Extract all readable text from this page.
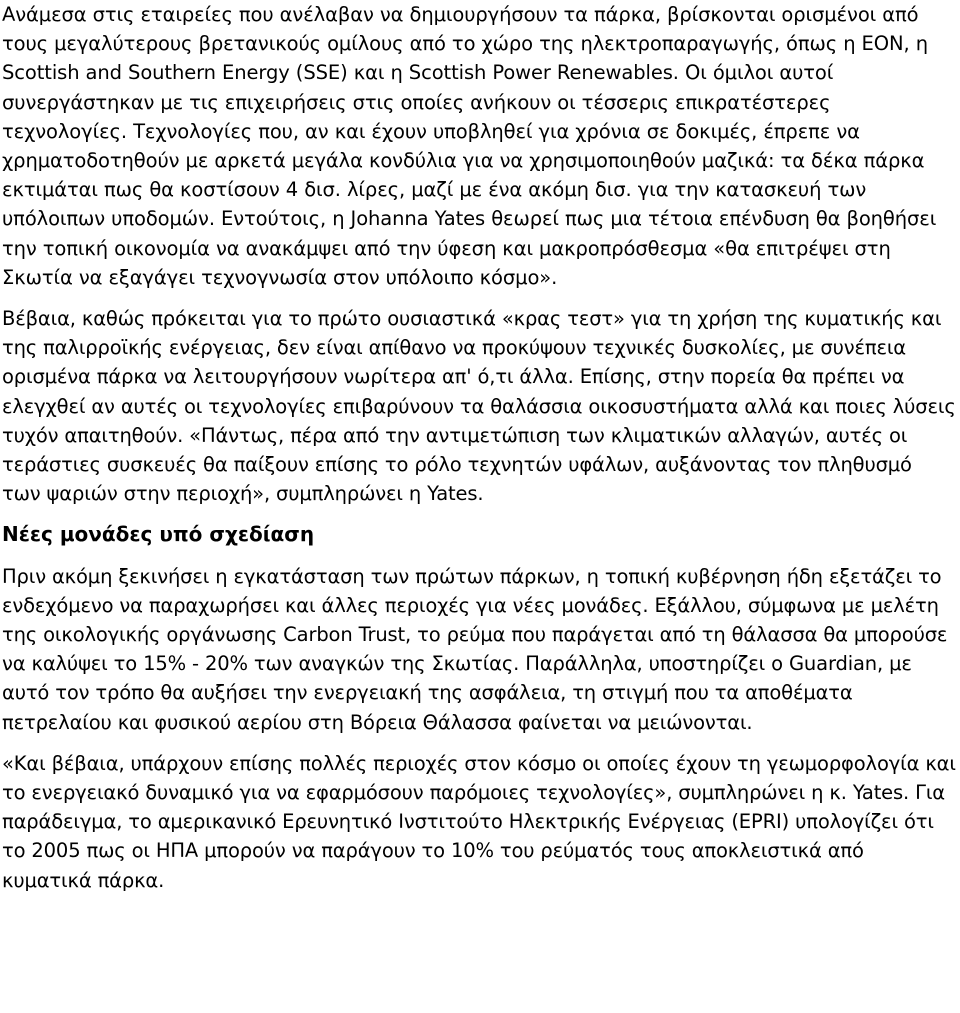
Ανάμεσα στις εταιρείες που ανέλαβαν να δημιουργήσουν τα πάρκα, βρίσκονται ορισμένοι από τους μεγαλύτερους βρετανικούς ομίλους από το χώρο της ηλεκτροπαραγωγής, όπως η EON, η Scottish and Southern Energy (SSE) και η Scottish Power Renewables. Οι όμιλοι αυτοί συνεργάστηκαν με τις επιχειρήσεις στις οποίες ανήκουν οι τέσσερις επικρατέστερες τεχνολογίες. Τεχνολογίες που, αν και έχουν υποβληθεί για χρόνια σε δοκιμές, έπρεπε να χρηματοδοτηθούν με αρκετά μεγάλα κονδύλια για να χρησιμοποιηθούν μαζικά: τα δέκα πάρκα εκτιμάται πως θα κοστίσουν 4 δισ. λίρες, μαζί με ένα ακόμη δισ. για την κατασκευή των υπόλοιπων υποδομών. Εντούτοις, η Johanna Yates θεωρεί πως μια τέτοια επένδυση θα βοηθήσει την τοπική οικονομία να ανακάμψει από την ύφεση και μακροπρόσθεσμα «θα επιτρέψει στη Σκωτία να εξαγάγει τεχνογνωσία στον υπόλοιπο κόσμο».

Βέβαια, καθώς πρόκειται για το πρώτο ουσιαστικά «κρας τεστ» για τη χρήση της κυματικής και της παλιρροϊκής ενέργειας, δεν είναι απίθανο να προκύψουν τεχνικές δυσκολίες, με συνέπεια ορισμένα πάρκα να λειτουργήσουν νωρίτερα απ' ό,τι άλλα. Επίσης, στην πορεία θα πρέπει να ελεγχθεί αν αυτές οι τεχνολογίες επιβαρύνουν τα θαλάσσια οικοσυστήματα αλλά και ποιες λύσεις τυχόν απαιτηθούν. «Πάντως, πέρα από την αντιμετώπιση των κλιματικών αλλαγών, αυτές οι τεράστιες συσκευές θα παίξουν επίσης το ρόλο τεχνητών υφάλων, αυξάνοντας τον πληθυσμό των ψαριών στην περιοχή», συμπληρώνει η Yates.

Νέες μονάδες υπό σχεδίαση

Πριν ακόμη ξεκινήσει η εγκατάσταση των πρώτων πάρκων, η τοπική κυβέρνηση ήδη εξετάζει το ενδεχόμενο να παραχωρήσει και άλλες περιοχές για νέες μονάδες. Εξάλλου, σύμφωνα με μελέτη της οικολογικής οργάνωσης Carbon Trust, το ρεύμα που παράγεται από τη θάλασσα θα μπορούσε να καλύψει το 15% - 20% των αναγκών της Σκωτίας. Παράλληλα, υποστηρίζει ο Guardian, με αυτό τον τρόπο θα αυξήσει την ενεργειακή της ασφάλεια, τη στιγμή που τα αποθέματα πετρελαίου και φυσικού αερίου στη Βόρεια Θάλασσα φαίνεται να μειώνονται.

«Και βέβαια, υπάρχουν επίσης πολλές περιοχές στον κόσμο οι οποίες έχουν τη γεωμορφολογία και το ενεργειακό δυναμικό για να εφαρμόσουν παρόμοιες τεχνολογίες», συμπληρώνει η κ. Yates. Για παράδειγμα, το αμερικανικό Ερευνητικό Ινστιτούτο Ηλεκτρικής Ενέργειας (EPRI) υπολογίζει ότι το 2005 πως οι ΗΠΑ μπορούν να παράγουν το 10% του ρεύματός τους αποκλειστικά από κυματικά πάρκα.
